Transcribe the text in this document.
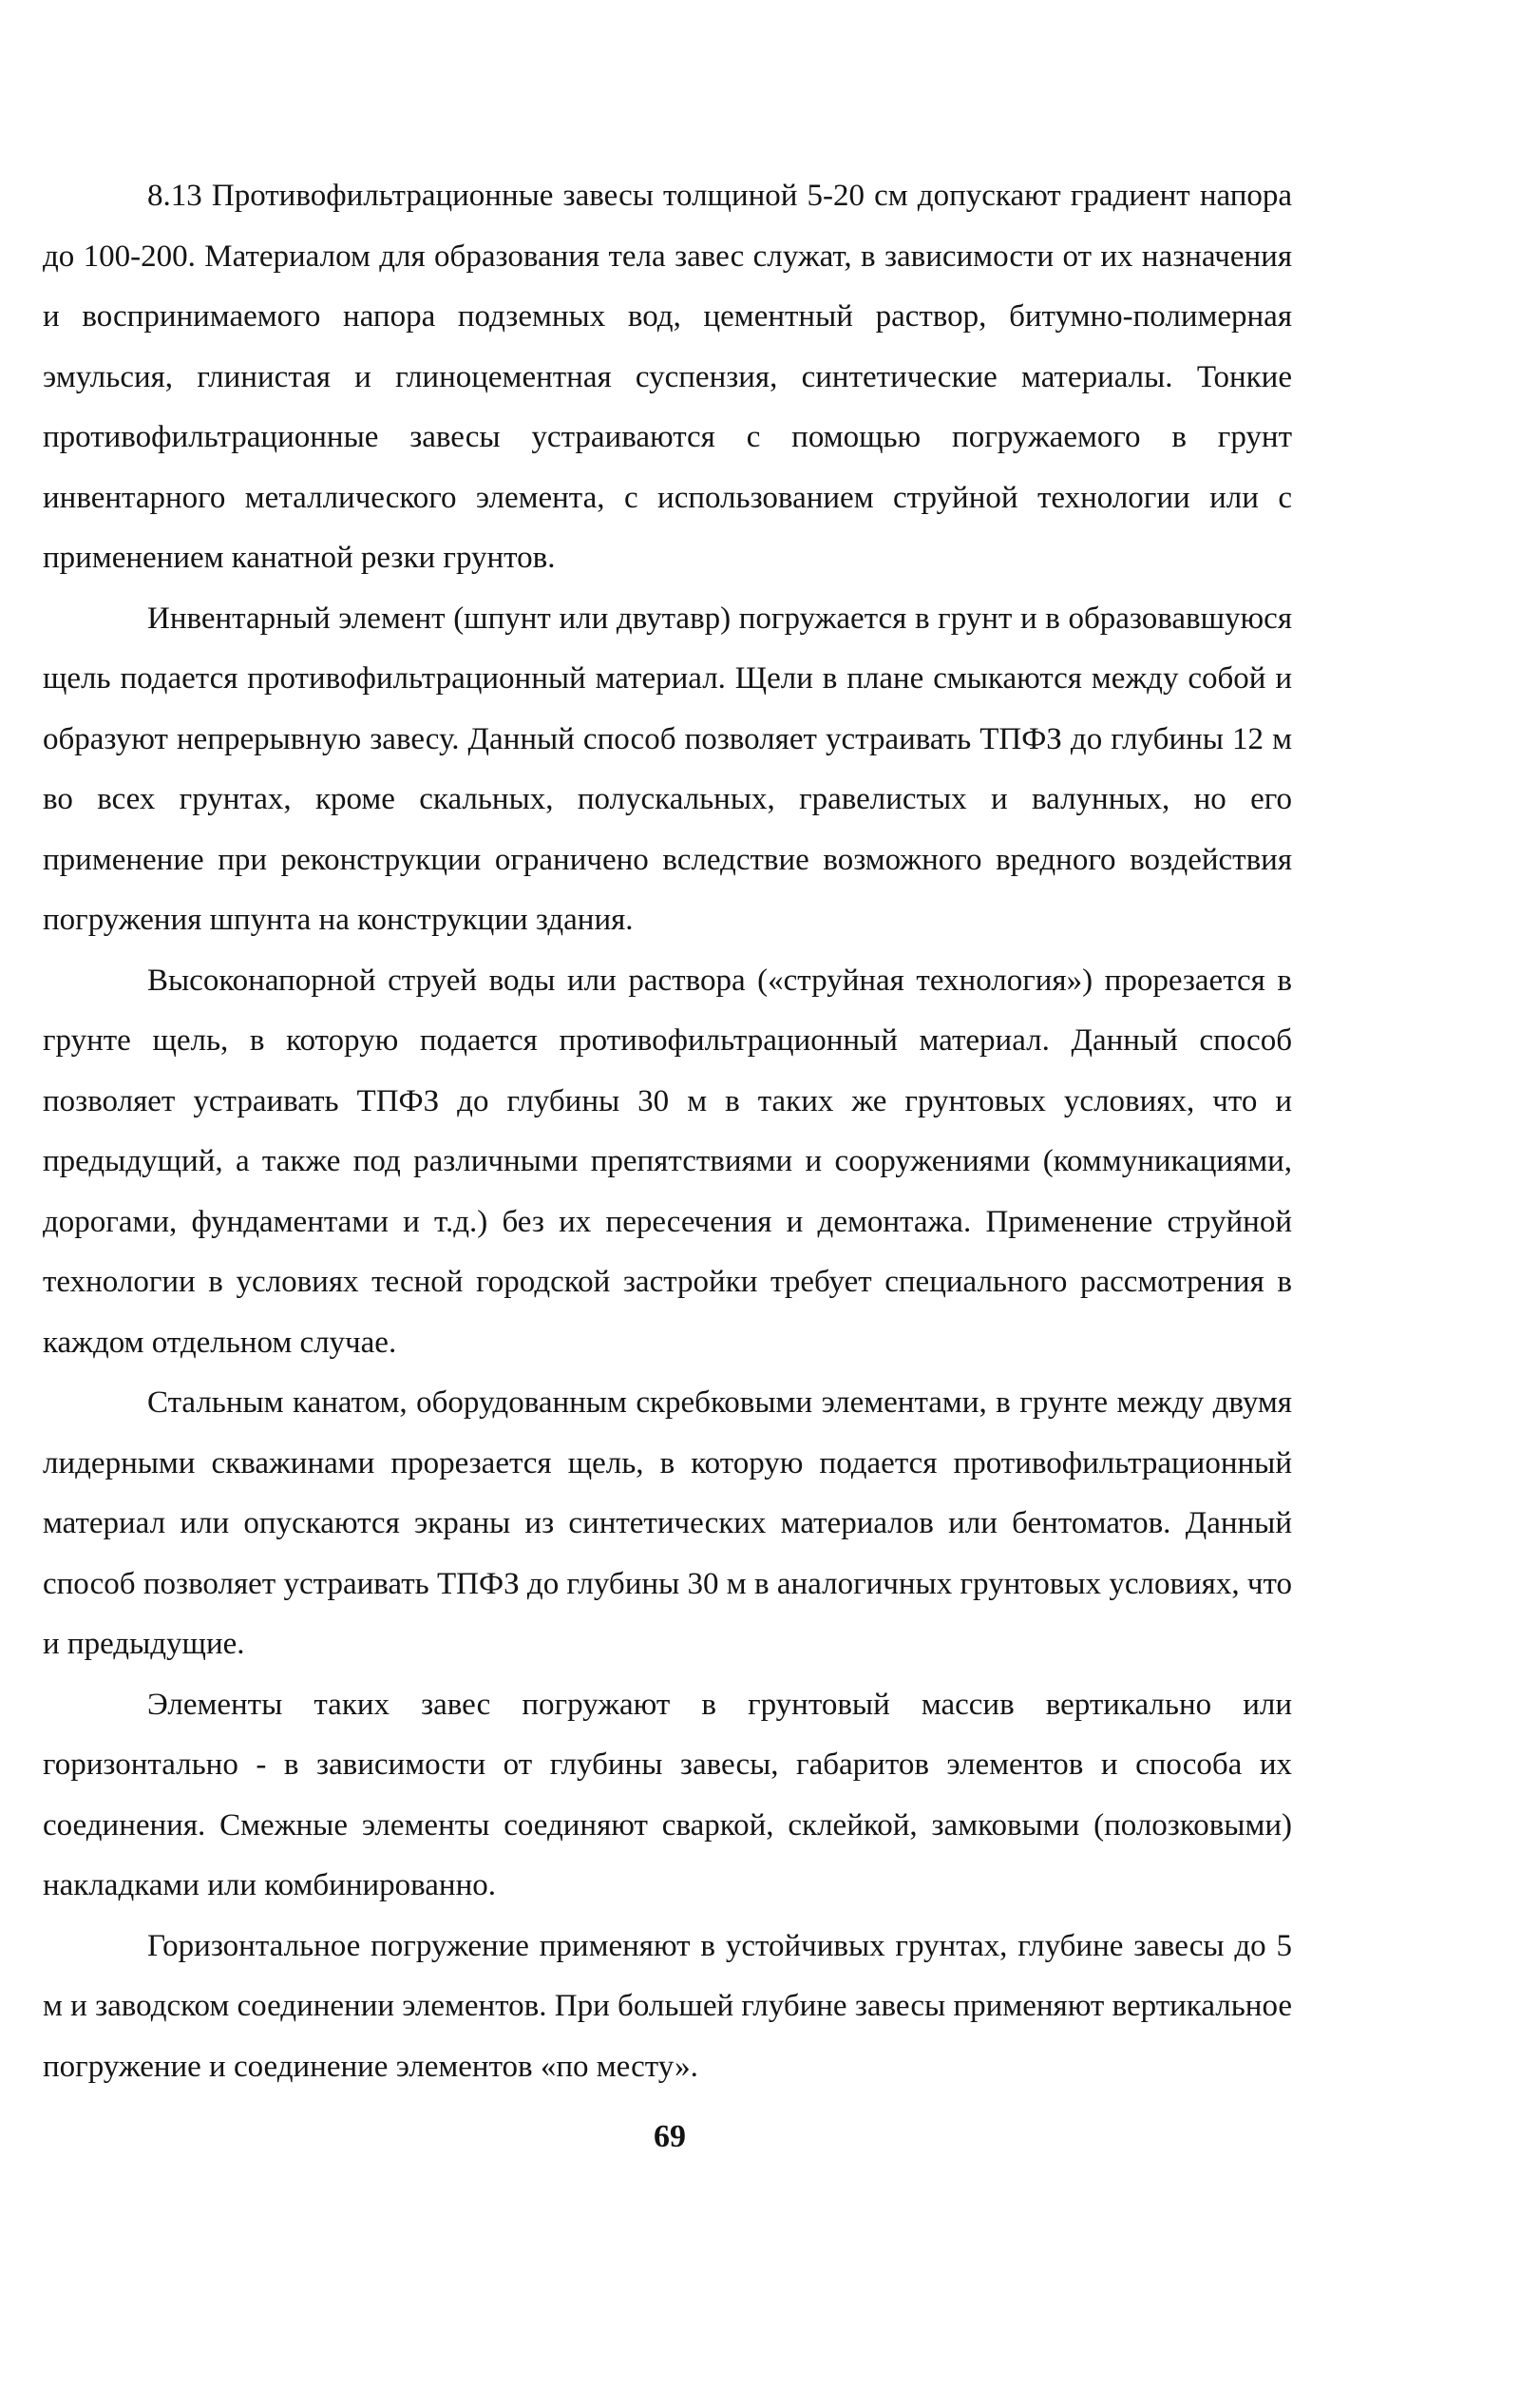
8.13 Противофильтрационные завесы толщиной 5-20 см допускают градиент напора до 100-200. Материалом для образования тела завес служат, в зависимости от их назначения и воспринимаемого напора подземных вод, цементный раствор, битумно-полимерная эмульсия, глинистая и глиноцементная суспензия, синтетические материалы. Тонкие противофильтрационные завесы устраиваются с помощью погружаемого в грунт инвентарного металлического элемента, с использованием струйной технологии или с применением канатной резки грунтов.

Инвентарный элемент (шпунт или двутавр) погружается в грунт и в образовавшуюся щель подается противофильтрационный материал. Щели в плане смыкаются между собой и образуют непрерывную завесу. Данный способ позволяет устраивать ТПФЗ до глубины 12 м во всех грунтах, кроме скальных, полускальных, гравелистых и валунных, но его применение при реконструкции ограничено вследствие возможного вредного воздействия погружения шпунта на конструкции здания.

Высоконапорной струей воды или раствора («струйная технология») прорезается в грунте щель, в которую подается противофильтрационный материал. Данный способ позволяет устраивать ТПФЗ до глубины 30 м в таких же грунтовых условиях, что и предыдущий, а также под различными препятствиями и сооружениями (коммуникациями, дорогами, фундаментами и т.д.) без их пересечения и демонтажа. Применение струйной технологии в условиях тесной городской застройки требует специального рассмотрения в каждом отдельном случае.

Стальным канатом, оборудованным скребковыми элементами, в грунте между двумя лидерными скважинами прорезается щель, в которую подается противофильтрационный материал или опускаются экраны из синтетических материалов или бентоматов. Данный способ позволяет устраивать ТПФЗ до глубины 30 м в аналогичных грунтовых условиях, что и предыдущие.

Элементы таких завес погружают в грунтовый массив вертикально или горизонтально - в зависимости от глубины завесы, габаритов элементов и способа их соединения. Смежные элементы соединяют сваркой, склейкой, замковыми (полозковыми) накладками или комбинированно.

Горизонтальное погружение применяют в устойчивых грунтах, глубине завесы до 5 м и заводском соединении элементов. При большей глубине завесы применяют вертикальное погружение и соединение элементов «по месту».

69
